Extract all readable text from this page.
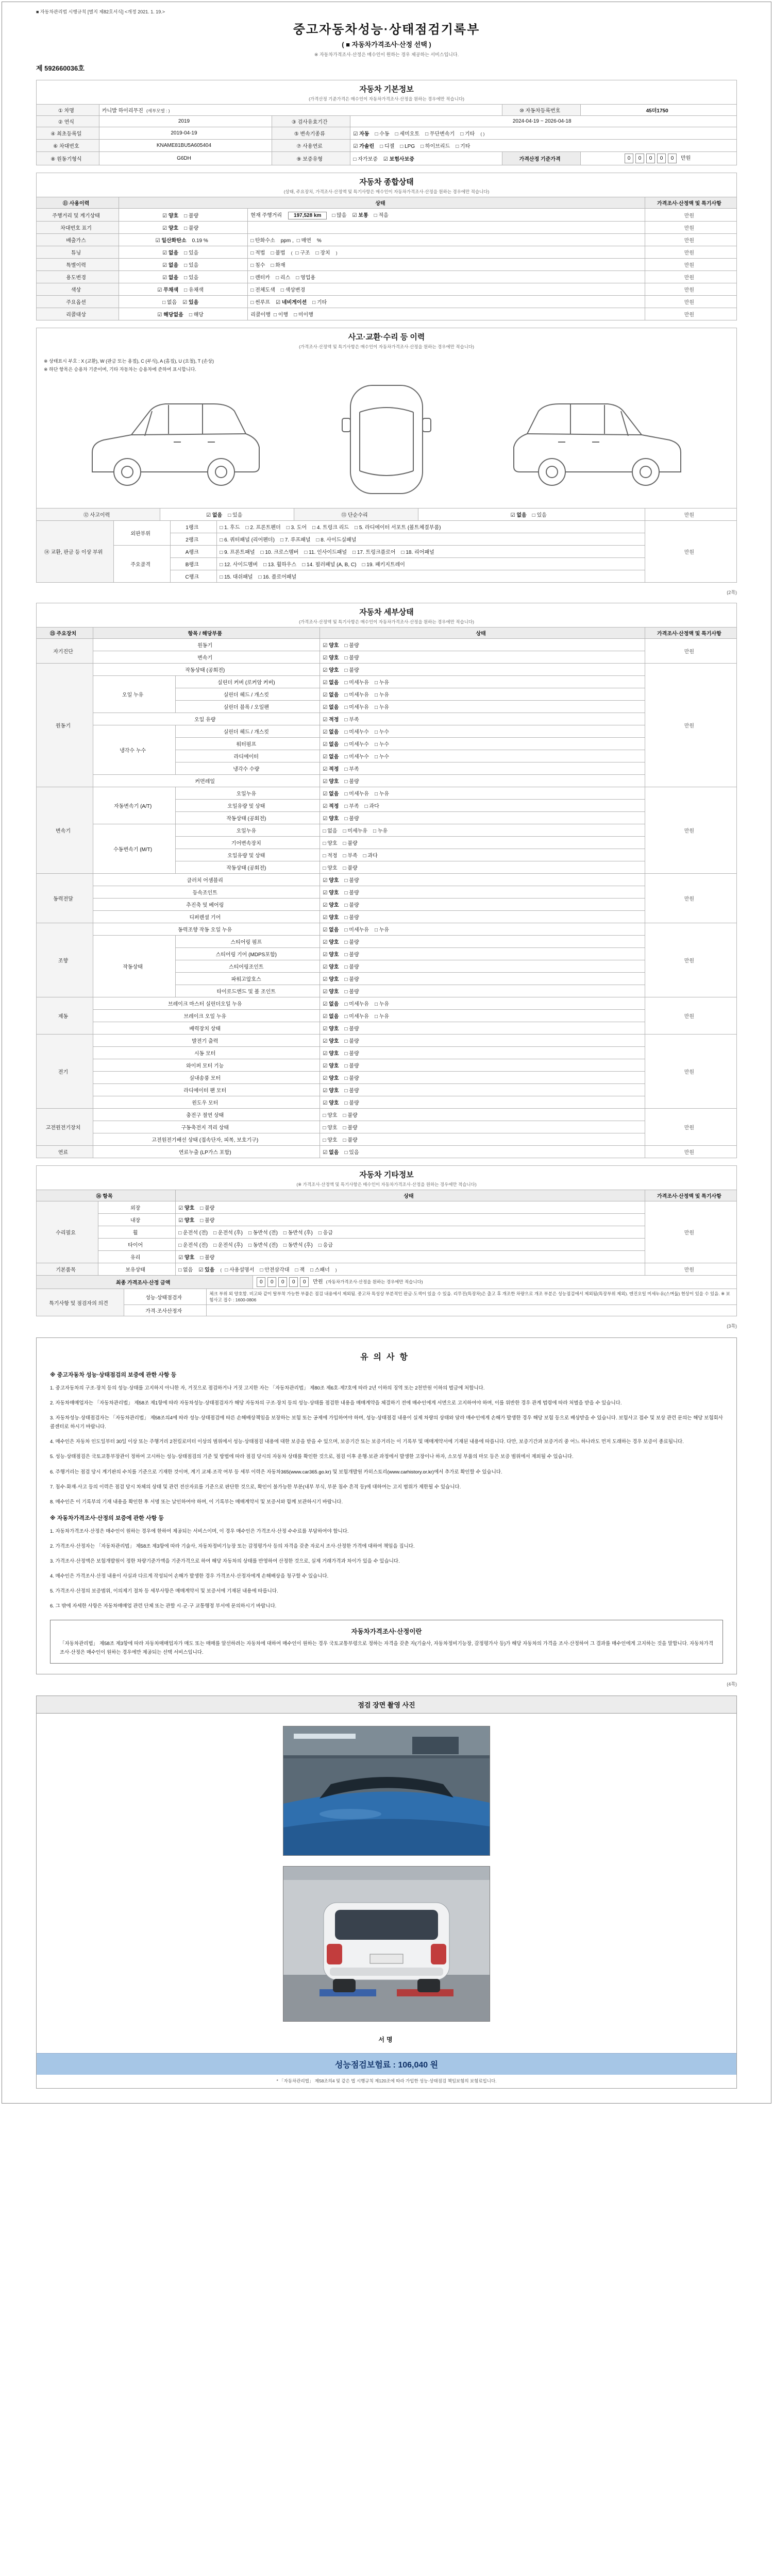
■ 자동차관리법 시행규칙 [별지 제82호서식] <개정 2021. 1. 19.>
중고자동차성능·상태점검기록부
( ■ 자동차가격조사·산정 선택 )
※ 자동차가격조사·산정은 매수인이 원하는 경우 제공하는 서비스입니다.
제 592660036호
자동차 기본정보
(가격산정 기준가격은 매수인이 자동차가격조사·산정을 원하는 경우에만 적습니다)
① 차명	카니발 하이리무진 (세부모델 : )			⑩ 자동차등록번호	45더1750
② 연식	2019	③ 검사유효기간	2024-04-19 ~ 2026-04-18		
④ 최초등록일	2019-04-19	⑤ 변속기종류	☑ 자동 □ 수동 □ 세미오토 □ 무단변속기 □ 기타 ( )		
⑥ 차대번호	KNAME81BU5A605404	⑦ 사용연료	☑ 가솔린 □ 디젤 □ LPG □ 하이브리드 □ 기타		
⑧ 원동기형식	G6DH	⑨ 보증유형	□ 자가보증 ☑ 보험사보증	가격산정 기준가격	0 0 0 0 0 만원
자동차 종합상태
(상태, 주요장치, 가격조사·산정액 및 특기사항은 매수인이 자동차가격조사·산정을 원하는 경우에만 적습니다)
⑪ 사용이력	상태		가격조사·산정액 및 특기사항
주행거리 및 계기상태	☑ 양호 □ 불량	현재 주행거리 197,528 km □ 많음 ☑ 보통 □ 적음	만원
차대번호 표기	☑ 양호 □ 불량		만원
배출가스	☑ 일산화탄소 0.19 %	□ 탄화수소 ppm , □ 매연 %	만원
튜닝	☑ 없음 □ 있음	□ 적법 □ 불법 ( □ 구조 □ 장치 )	만원
특별이력	☑ 없음 □ 있음	□ 침수 □ 화재	만원
용도변경	☑ 없음 □ 있음	□ 렌터카 □ 리스 □ 영업용	만원
색상	☑ 무채색 □ 유채색	□ 전체도색 □ 색상변경	만원
주요옵션	□ 없음 ☑ 있음	□ 썬루프 ☑ 네비게이션 □ 기타	만원
리콜대상	☑ 해당없음 □ 해당	리콜이행 □ 이행 □ 미이행	만원
사고·교환·수리 등 이력
(가격조사·산정액 및 특기사항은 매수인이 자동차가격조사·산정을 원하는 경우에만 적습니다)
※ 상태표시 부호 : X (교환), W (판금 또는 용접), C (부식), A (흠집), U (요철), T (손상)
※ 하단 항목은 승용차 기준이며, 기타 자동차는 승용차에 준하여 표시합니다.
⑫ 사고이력	☑ 없음 □ 있음	⑬ 단순수리	☑ 없음 □ 있음	만원
⑭ 교환, 판금 등 이상 부위	외판부위	1랭크	□ 1. 후드 □ 2. 프론트펜더 □ 3. 도어 □ 4. 트렁크 리드 □ 5. 라디에이터 서포트 (볼트체결부품)	만원
		2랭크	□ 6. 쿼터패널 (리어펜더) □ 7. 루프패널 □ 8. 사이드실패널	
	주요골격	A랭크	□ 9. 프론트패널 □ 10. 크로스멤버 □ 11. 인사이드패널 □ 17. 트렁크플로어 □ 18. 리어패널	
		B랭크	□ 12. 사이드멤버 □ 13. 휠하우스 □ 14. 필러패널 (A, B, C) □ 19. 패키지트레이	
		C랭크	□ 15. 대쉬패널 □ 16. 플로어패널	
(2쪽)
자동차 세부상태
(가격조사·산정액 및 특기사항은 매수인이 자동차가격조사·산정을 원하는 경우에만 적습니다)
⑮ 주요장치	항목 / 해당부품		상태	가격조사·산정액 및 특기사항
자기진단	원동기		☑ 양호 □ 불량	만원
	변속기		☑ 양호 □ 불량	
원동기	작동상태 (공회전)		☑ 양호 □ 불량	만원
	오일 누유	실린더 커버 (로커암 커버)	☑ 없음 □ 미세누유 □ 누유	
		실린더 헤드 / 개스킷	☑ 없음 □ 미세누유 □ 누유	
		실린더 블록 / 오일팬	☑ 없음 □ 미세누유 □ 누유	
	오일 유량		☑ 적정 □ 부족	
	냉각수 누수	실린더 헤드 / 개스킷	☑ 없음 □ 미세누수 □ 누수	
		워터펌프	☑ 없음 □ 미세누수 □ 누수	
		라디에이터	☑ 없음 □ 미세누수 □ 누수	
		냉각수 수량	☑ 적정 □ 부족	
	커먼레일		☑ 양호 □ 불량	
변속기	자동변속기 (A/T)	오일누유	☑ 없음 □ 미세누유 □ 누유	만원
		오일유량 및 상태	☑ 적정 □ 부족 □ 과다	
		작동상태 (공회전)	☑ 양호 □ 불량	
	수동변속기 (M/T)	오일누유	□ 없음 □ 미세누유 □ 누유	
		기어변속장치	□ 양호 □ 불량	
		오일유량 및 상태	□ 적정 □ 부족 □ 과다	
		작동상태 (공회전)	□ 양호 □ 불량	
동력전달	클러치 어셈블리		☑ 양호 □ 불량	만원
	등속조인트		☑ 양호 □ 불량	
	추진축 및 베어링		☑ 양호 □ 불량	
	디퍼렌셜 기어		☑ 양호 □ 불량	
조향	동력조향 작동 오일 누유		☑ 없음 □ 미세누유 □ 누유	만원
	작동상태	스티어링 펌프	☑ 양호 □ 불량	
		스티어링 기어 (MDPS포함)	☑ 양호 □ 불량	
		스티어링조인트	☑ 양호 □ 불량	
		파워고압호스	☑ 양호 □ 불량	
		타이로드엔드 및 볼 조인트	☑ 양호 □ 불량	
제동	브레이크 마스터 실린더오일 누유		☑ 없음 □ 미세누유 □ 누유	만원
	브레이크 오일 누유		☑ 없음 □ 미세누유 □ 누유	
	배력장치 상태		☑ 양호 □ 불량	
전기	발전기 출력		☑ 양호 □ 불량	만원
	시동 모터		☑ 양호 □ 불량	
	와이퍼 모터 기능		☑ 양호 □ 불량	
	실내송풍 모터		☑ 양호 □ 불량	
	라디에이터 팬 모터		☑ 양호 □ 불량	
	윈도우 모터		☑ 양호 □ 불량	
고전원전기장치	충전구 절연 상태		□ 양호 □ 불량	만원
	구동축전지 격리 상태		□ 양호 □ 불량	
	고전원전기배선 상태 (접속단자, 피복, 보호기구)		□ 양호 □ 불량	
연료	연료누출 (LP가스 포함)		☑ 없음 □ 있음	만원
자동차 기타정보
(※ 가격조사·산정액 및 특기사항은 매수인이 자동차가격조사·산정을 원하는 경우에만 적습니다)
⑯ 항목		상태	가격조사·산정액 및 특기사항
수리필요	외장	☑ 양호 □ 불량	만원
	내장	☑ 양호 □ 불량	
	휠	□ 운전석 (전) □ 운전석 (후) □ 동반석 (전) □ 동반석 (후) □ 응급	
	타이어	□ 운전석 (전) □ 운전석 (후) □ 동반석 (전) □ 동반석 (후) □ 응급	
	유리	☑ 양호 □ 불량	
기본품목	보유상태	□ 없음 ☑ 있음 ( □ 사용설명서 □ 안전삼각대 □ 잭 □ 스패너 )	만원
최종 가격조사·산정 금액	0 0 0 0 0 만원 (자동차가격조사·산정을 원하는 경우에만 적습니다)
특기사항 및 점검자의 의견	성능·상태점검자	체크 부위 외 양호함. 비고와 같이 탈부착 가능한 부품은 점검 내용에서 제외됨. 중고차 특성상 부분적인 판금·도색이 있을 수 있음. 리무진(특장차)은 출고 후 개조한 차량으로 개조 부분은 성능점검에서 제외됨(특장부위 제외). 엔진오일 미세누유(스며듦) 현상이 있을 수 있음. ※ 보험사고 접수 : 1600-0806
	가격·조사산정자	
(3쪽)
유의사항
※ 중고자동차 성능·상태점검의 보증에 관한 사항 등
1. 중고자동차의 구조·장치 등의 성능·상태를 고지하지 아니한 자, 거짓으로 점검하거나 거짓 고지한 자는 「자동차관리법」 제80조 제6호·제7호에 따라 2년 이하의 징역 또는 2천만원 이하의 벌금에 처합니다.
2. 자동차매매업자는 「자동차관리법」 제58조 제1항에 따라 자동차성능·상태점검자가 해당 자동차의 구조·장치 등의 성능·상태를 점검한 내용을 매매계약을 체결하기 전에 매수인에게 서면으로 고지하여야 하며, 이를 위반한 경우 관계 법령에 따라 처벌을 받을 수 있습니다.
3. 자동차성능·상태점검자는 「자동차관리법」 제58조의4에 따라 성능·상태점검에 따른 손해배상책임을 보장하는 보험 또는 공제에 가입하여야 하며, 성능·상태점검 내용이 실제 차량의 상태와 달라 매수인에게 손해가 발생한 경우 해당 보험 등으로 배상받을 수 있습니다. 보험사고 접수 및 보상 관련 문의는 해당 보험회사 콜센터로 하시기 바랍니다.
4. 매수인은 자동차 인도일부터 30일 이상 또는 주행거리 2천킬로미터 이상의 범위에서 성능·상태점검 내용에 대한 보증을 받을 수 있으며, 보증기간 또는 보증거리는 이 기록부 및 매매계약서에 기재된 내용에 따릅니다. 다만, 보증기간과 보증거리 중 어느 하나라도 먼저 도래하는 경우 보증이 종료됩니다.
5. 성능·상태점검은 국토교통부장관이 정하여 고시하는 성능·상태점검의 기준 및 방법에 따라 점검 당시의 자동차 상태를 확인한 것으로, 점검 이후 운행·보관 과정에서 발생한 고장이나 하자, 소모성 부품의 마모 등은 보증 범위에서 제외될 수 있습니다.
6. 주행거리는 점검 당시 계기판의 수치를 기준으로 기재한 것이며, 계기 교체·조작 여부 등 세부 이력은 자동차365(www.car365.go.kr) 및 보험개발원 카히스토리(www.carhistory.or.kr)에서 추가로 확인할 수 있습니다.
7. 침수·화재·사고 등의 이력은 점검 당시 차체의 상태 및 관련 전산자료를 기준으로 판단한 것으로, 확인이 불가능한 부분(내부 부식, 부분 침수 흔적 등)에 대하여는 고지 범위가 제한될 수 있습니다.
8. 매수인은 이 기록부의 기재 내용을 확인한 후 서명 또는 날인하여야 하며, 이 기록부는 매매계약서 및 보증서와 함께 보관하시기 바랍니다.
※ 자동차가격조사·산정의 보증에 관한 사항 등
1. 자동차가격조사·산정은 매수인이 원하는 경우에 한하여 제공되는 서비스이며, 이 경우 매수인은 가격조사·산정 수수료를 부담하여야 합니다.
2. 가격조사·산정자는 「자동차관리법」 제58조 제3항에 따라 기술사, 자동차정비기능장 또는 감정평가사 등의 자격을 갖춘 자로서 조사·산정한 가격에 대하여 책임을 집니다.
3. 가격조사·산정액은 보험개발원이 정한 차량기준가액을 기준가격으로 하여 해당 자동차의 상태를 반영하여 산정한 것으로, 실제 거래가격과 차이가 있을 수 있습니다.
4. 매수인은 가격조사·산정 내용이 사실과 다르게 작성되어 손해가 발생한 경우 가격조사·산정자에게 손해배상을 청구할 수 있습니다.
5. 가격조사·산정의 보증범위, 이의제기 절차 등 세부사항은 매매계약서 및 보증서에 기재된 내용에 따릅니다.
6. 그 밖에 자세한 사항은 자동차매매업 관련 단체 또는 관할 시·군·구 교통행정 부서에 문의하시기 바랍니다.
자동차가격조사·산정이란
「자동차관리법」 제58조 제3항에 따라 자동차매매업자가 매도 또는 매매를 알선하려는 자동차에 대하여 매수인이 원하는 경우 국토교통부령으로 정하는 자격을 갖춘 자(기술사, 자동차정비기능장, 감정평가사 등)가 해당 자동차의 가격을 조사·산정하여 그 결과를 매수인에게 고지하는 것을 말합니다. 자동차가격조사·산정은 매수인이 원하는 경우에만 제공되는 선택 서비스입니다.
(4쪽)
점검 장면 촬영 사진
서명
성능점검보험료 : 106,040 원
* 「자동차관리법」 제58조의4 및 같은 법 시행규칙 제120조에 따라 가입한 성능·상태점검 책임보험의 보험료입니다.
